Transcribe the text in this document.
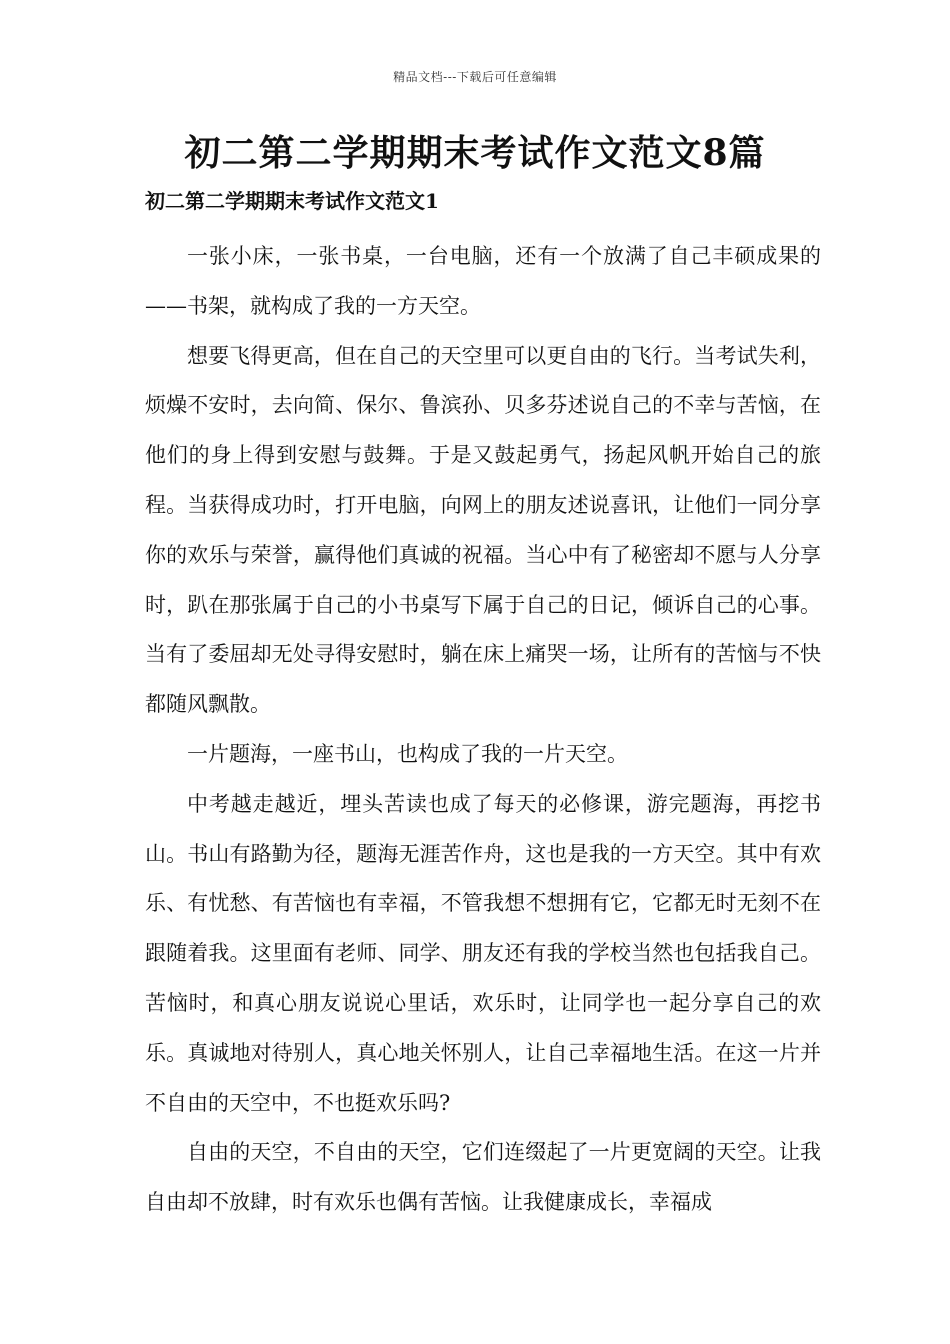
精品文档---下载后可任意编辑
初二第二学期期末考试作文范文8篇
初二第二学期期末考试作文范文1

一张小床，一张书桌，一台电脑，还有一个放满了自己丰硕成果的——书架，就构成了我的一方天空。

想要飞得更高，但在自己的天空里可以更自由的飞行。当考试失利，烦燥不安时，去向简、保尔、鲁滨孙、贝多芬述说自己的不幸与苦恼，在他们的身上得到安慰与鼓舞。于是又鼓起勇气，扬起风帆开始自己的旅程。当获得成功时，打开电脑，向网上的朋友述说喜讯，让他们一同分享你的欢乐与荣誉，赢得他们真诚的祝福。当心中有了秘密却不愿与人分享时，趴在那张属于自己的小书桌写下属于自己的日记，倾诉自己的心事。当有了委屈却无处寻得安慰时，躺在床上痛哭一场，让所有的苦恼与不快都随风飘散。

一片题海，一座书山，也构成了我的一片天空。

中考越走越近，埋头苦读也成了每天的必修课，游完题海，再挖书山。书山有路勤为径，题海无涯苦作舟，这也是我的一方天空。其中有欢乐、有忧愁、有苦恼也有幸福，不管我想不想拥有它，它都无时无刻不在跟随着我。这里面有老师、同学、朋友还有我的学校当然也包括我自己。苦恼时，和真心朋友说说心里话，欢乐时，让同学也一起分享自己的欢乐。真诚地对待别人，真心地关怀别人，让自己幸福地生活。在这一片并不自由的天空中，不也挺欢乐吗?

自由的天空，不自由的天空，它们连缀起了一片更宽阔的天空。让我自由却不放肆，时有欢乐也偶有苦恼。让我健康成长，幸福成
